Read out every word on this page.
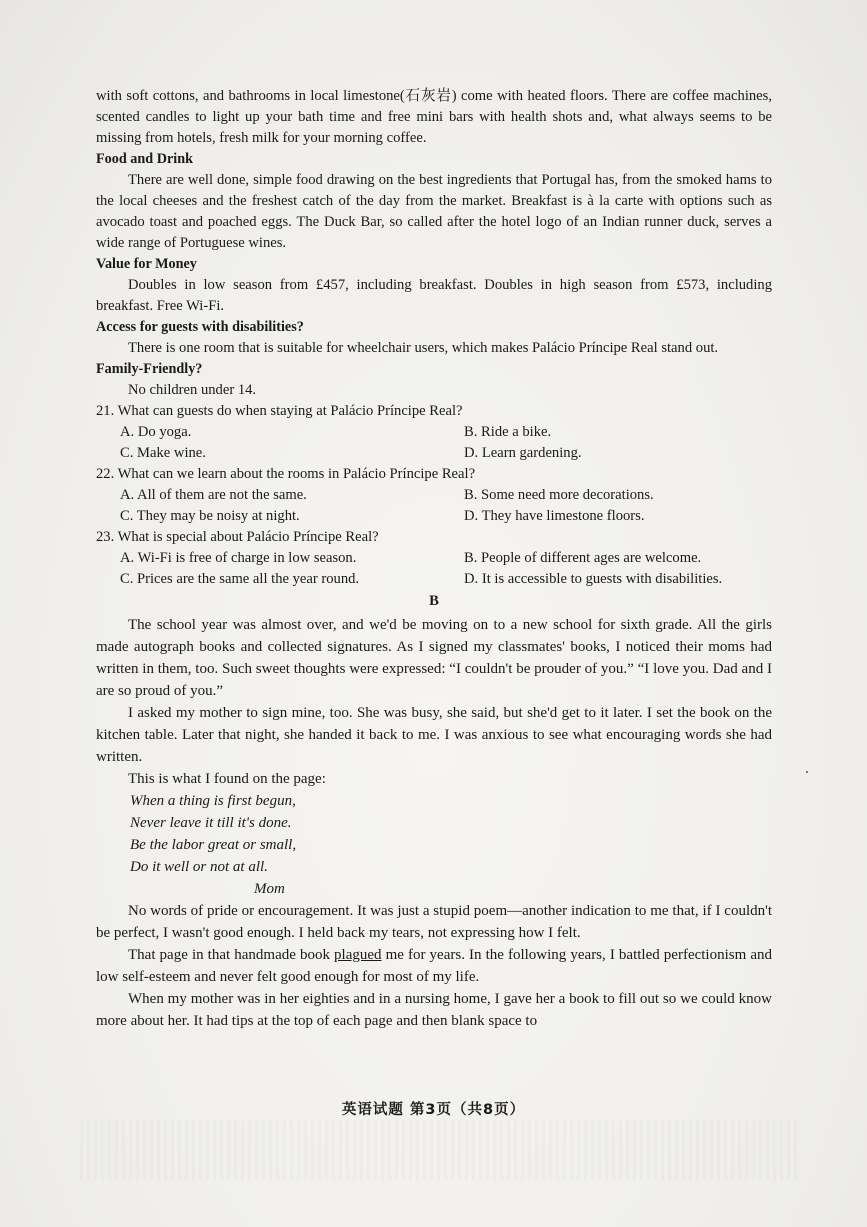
with soft cottons, and bathrooms in local limestone(石灰岩) come with heated floors. There are coffee machines, scented candles to light up your bath time and free mini bars with health shots and, what always seems to be missing from hotels, fresh milk for your morning coffee.

Food and Drink

There are well done, simple food drawing on the best ingredients that Portugal has, from the smoked hams to the local cheeses and the freshest catch of the day from the market. Breakfast is à la carte with options such as avocado toast and poached eggs. The Duck Bar, so called after the hotel logo of an Indian runner duck, serves a wide range of Portuguese wines.

Value for Money

Doubles in low season from £457, including breakfast. Doubles in high season from £573, including breakfast. Free Wi-Fi.

Access for guests with disabilities?

There is one room that is suitable for wheelchair users, which makes Palácio Príncipe Real stand out.

Family-Friendly?

No children under 14.

21. What can guests do when staying at Palácio Príncipe Real?

A. Do yoga.	B. Ride a bike.
C. Make wine.	D. Learn gardening.

22. What can we learn about the rooms in Palácio Príncipe Real?

A. All of them are not the same.	B. Some need more decorations.
C. They may be noisy at night.	D. They have limestone floors.

23. What is special about Palácio Príncipe Real?

A. Wi-Fi is free of charge in low season.	B. People of different ages are welcome.
C. Prices are the same all the year round.	D. It is accessible to guests with disabilities.

B

The school year was almost over, and we'd be moving on to a new school for sixth grade. All the girls made autograph books and collected signatures. As I signed my classmates' books, I noticed their moms had written in them, too. Such sweet thoughts were expressed: “I couldn't be prouder of you.” “I love you. Dad and I are so proud of you.”

I asked my mother to sign mine, too. She was busy, she said, but she'd get to it later. I set the book on the kitchen table. Later that night, she handed it back to me. I was anxious to see what encouraging words she had written.

This is what I found on the page:

When a thing is first begun,
Never leave it till it's done.
Be the labor great or small,
Do it well or not at all.
Mom

No words of pride or encouragement. It was just a stupid poem—another indication to me that, if I couldn't be perfect, I wasn't good enough. I held back my tears, not expressing how I felt.

That page in that handmade book plagued me for years. In the following years, I battled perfectionism and low self-esteem and never felt good enough for most of my life.

When my mother was in her eighties and in a nursing home, I gave her a book to fill out so we could know more about her. It had tips at the top of each page and then blank space to

英语试题 第3页（共8页）
